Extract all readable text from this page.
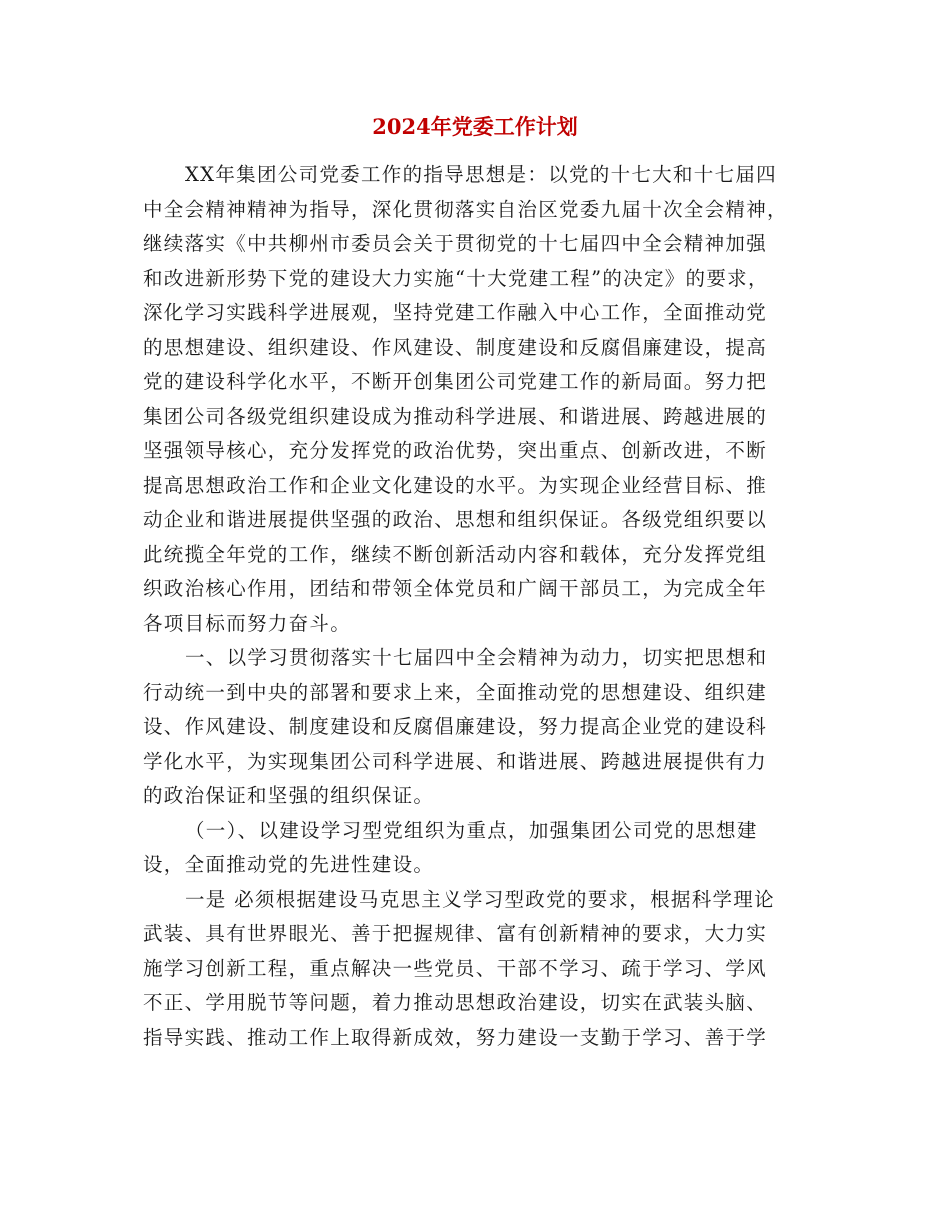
2024年党委工作计划

XX年集团公司党委工作的指导思想是：以党的十七大和十七届四
中全会精神精神为指导，深化贯彻落实自治区党委九届十次全会精神，
继续落实《中共柳州市委员会关于贯彻党的十七届四中全会精神加强
和改进新形势下党的建设大力实施“十大党建工程”的决定》的要求，
深化学习实践科学进展观，坚持党建工作融入中心工作，全面推动党
的思想建设、组织建设、作风建设、制度建设和反腐倡廉建设，提高
党的建设科学化水平，不断开创集团公司党建工作的新局面。努力把
集团公司各级党组织建设成为推动科学进展、和谐进展、跨越进展的
坚强领导核心，充分发挥党的政治优势，突出重点、创新改进，不断
提高思想政治工作和企业文化建设的水平。为实现企业经营目标、推
动企业和谐进展提供坚强的政治、思想和组织保证。各级党组织要以
此统揽全年党的工作，继续不断创新活动内容和载体，充分发挥党组
织政治核心作用，团结和带领全体党员和广阔干部员工，为完成全年
各项目标而努力奋斗。

一、以学习贯彻落实十七届四中全会精神为动力，切实把思想和
行动统一到中央的部署和要求上来，全面推动党的思想建设、组织建
设、作风建设、制度建设和反腐倡廉建设，努力提高企业党的建设科
学化水平，为实现集团公司科学进展、和谐进展、跨越进展提供有力
的政治保证和坚强的组织保证。

（一）、以建设学习型党组织为重点，加强集团公司党的思想建
设，全面推动党的先进性建设。

一是 必须根据建设马克思主义学习型政党的要求，根据科学理论
武装、具有世界眼光、善于把握规律、富有创新精神的要求，大力实
施学习创新工程，重点解决一些党员、干部不学习、疏于学习、学风
不正、学用脱节等问题，着力推动思想政治建设，切实在武装头脑、
指导实践、推动工作上取得新成效，努力建设一支勤于学习、善于学
